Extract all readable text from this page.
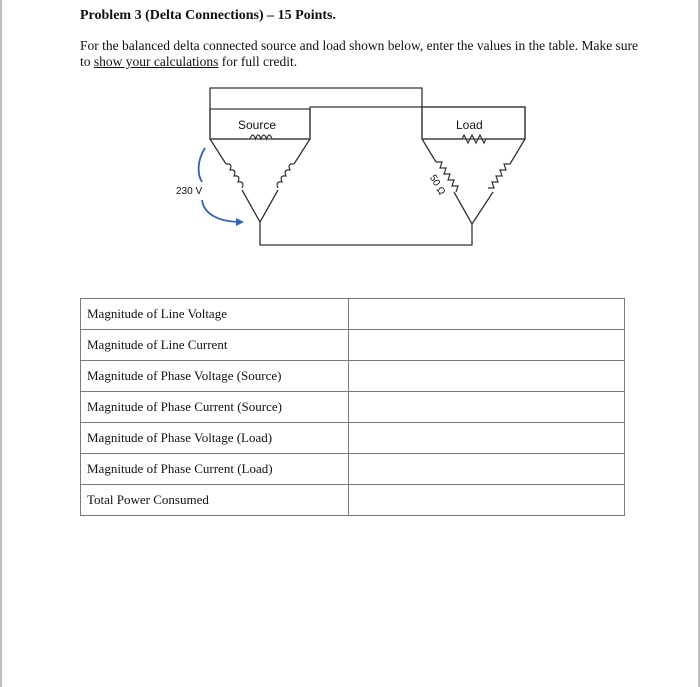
Problem 3 (Delta Connections) – 15 Points.
For the balanced delta connected source and load shown below, enter the values in the table. Make sure to show your calculations for full credit.
Source	Load
230 V	50 Ω
Magnitude of Line Voltage	
Magnitude of Line Current	
Magnitude of Phase Voltage (Source)	
Magnitude of Phase Current (Source)	
Magnitude of Phase Voltage (Load)	
Magnitude of Phase Current (Load)	
Total Power Consumed	
